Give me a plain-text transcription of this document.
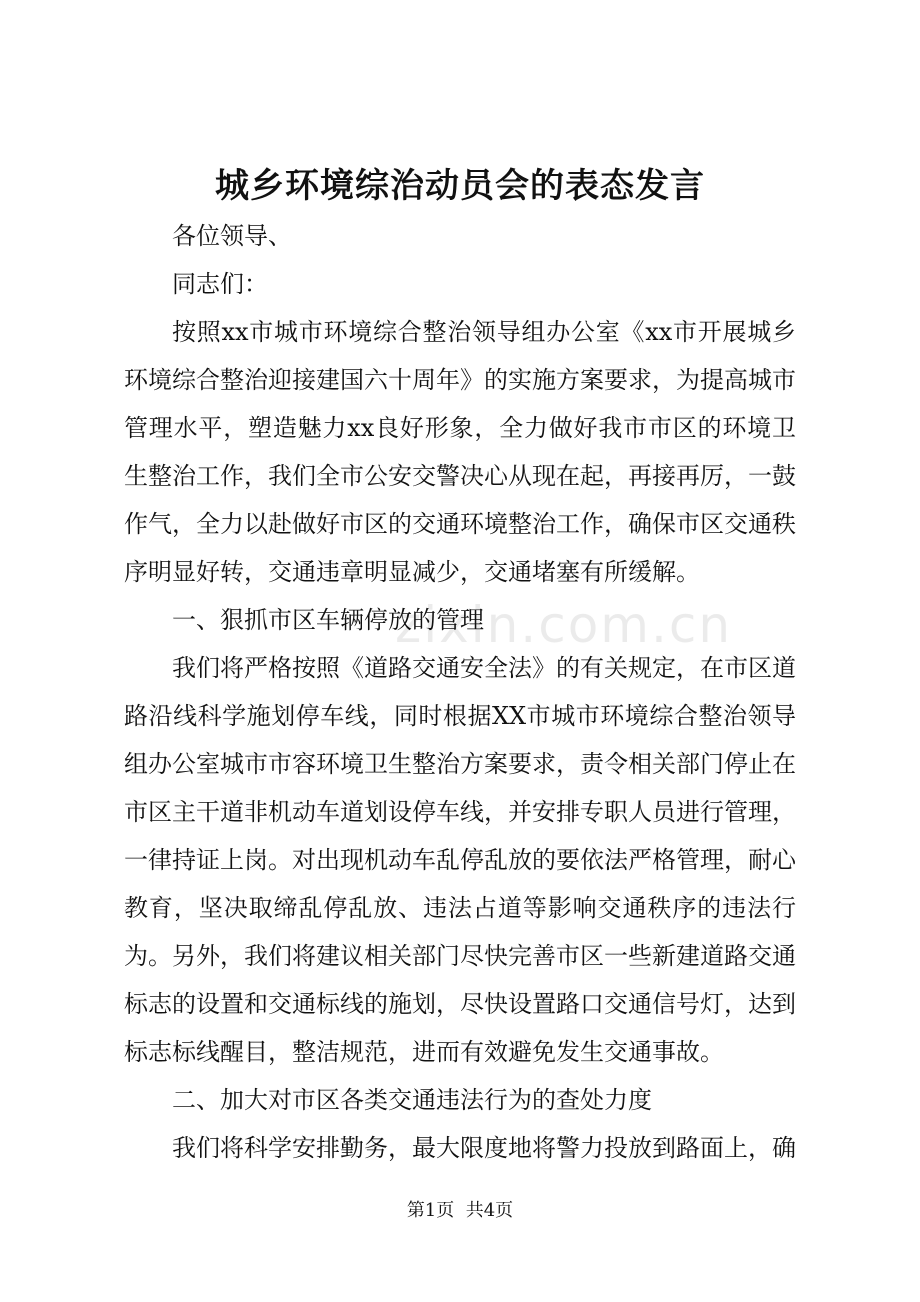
城乡环境综治动员会的表态发言

各位领导、

同志们：

按照xx市城市环境综合整治领导组办公室《xx市开展城乡环境综合整治迎接建国六十周年》的实施方案要求，为提高城市管理水平，塑造魅力xx良好形象，全力做好我市市区的环境卫生整治工作，我们全市公安交警决心从现在起，再接再厉，一鼓作气，全力以赴做好市区的交通环境整治工作，确保市区交通秩序明显好转，交通违章明显减少，交通堵塞有所缓解。

一、狠抓市区车辆停放的管理

我们将严格按照《道路交通安全法》的有关规定，在市区道路沿线科学施划停车线，同时根据XX市城市环境综合整治领导组办公室城市市容环境卫生整治方案要求，责令相关部门停止在市区主干道非机动车道划设停车线，并安排专职人员进行管理，一律持证上岗。对出现机动车乱停乱放的要依法严格管理，耐心教育，坚决取缔乱停乱放、违法占道等影响交通秩序的违法行为。另外，我们将建议相关部门尽快完善市区一些新建道路交通标志的设置和交通标线的施划，尽快设置路口交通信号灯，达到标志标线醒目，整洁规范，进而有效避免发生交通事故。

二、加大对市区各类交通违法行为的查处力度

我们将科学安排勤务，最大限度地将警力投放到路面上，确

zixin.com.cn
第1页  共4页
